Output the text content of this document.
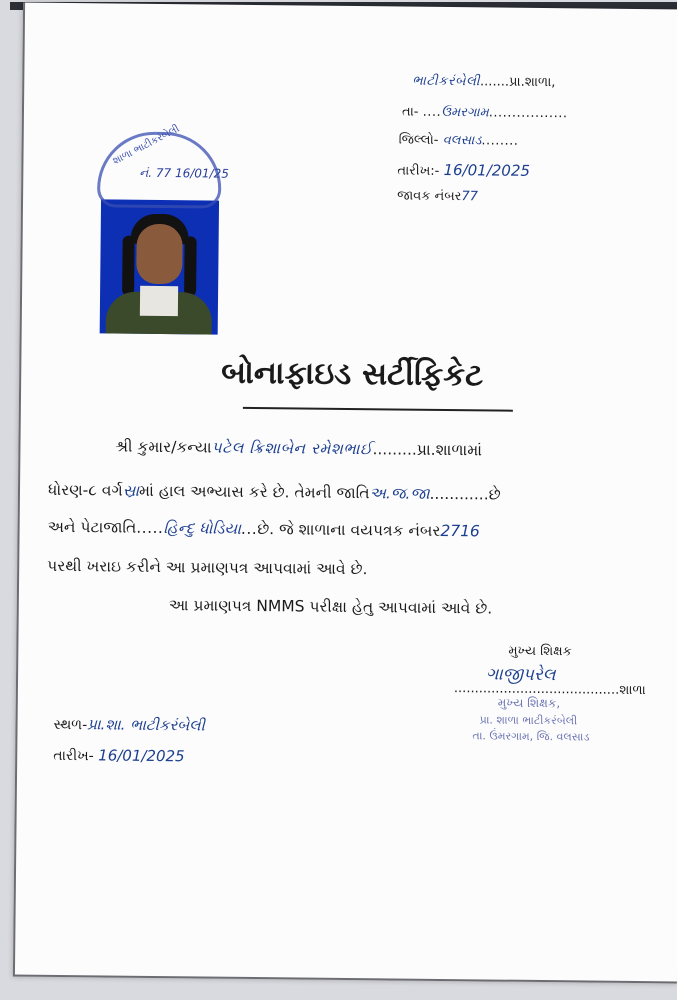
ભાટીકરંબેલી.......પ્રા.શાળા,
તા- ....ઉમરગામ.................
જિલ્લો- વલસાડ........
તારીખ:- 16/01/2025
જાવક નંબર77
શાળા ભાટીકરંબેલી
નં. 77 16/01/25
બોનાફાઇડ સર્ટીફિકેટ
શ્રી કુમાર/કન્યાપટેલ ક્રિશાબેન રમેશભાઈ.........પ્રા.શાળામાં
ધોરણ-૮ વર્ગસ્રામાં હાલ અભ્યાસ કરે છે. તેમની જાતિઅ.જ.જા............છે
અને પેટાજાતિ.....હિન્દુ ધોડિયા...છે. જે શાળાના વયપત્રક નંબર2716
પરથી ખરાઇ કરીને આ પ્રમાણપત્ર આપવામાં આવે છે.
આ પ્રમાણપત્ર NMMS પરીક્ષા હેતુ આપવામાં આવે છે.
મુખ્ય શિક્ષક
ગાજીપરેલ
........................................શાળા
મુખ્ય શિક્ષક,
પ્રા. શાળા ભાટીકરંબેલી
તા. ઉંમરગામ, જિ. વલસાડ
સ્થળ-પ્રા.શા. ભાટીકરંબેલી
તારીખ- 16/01/2025
